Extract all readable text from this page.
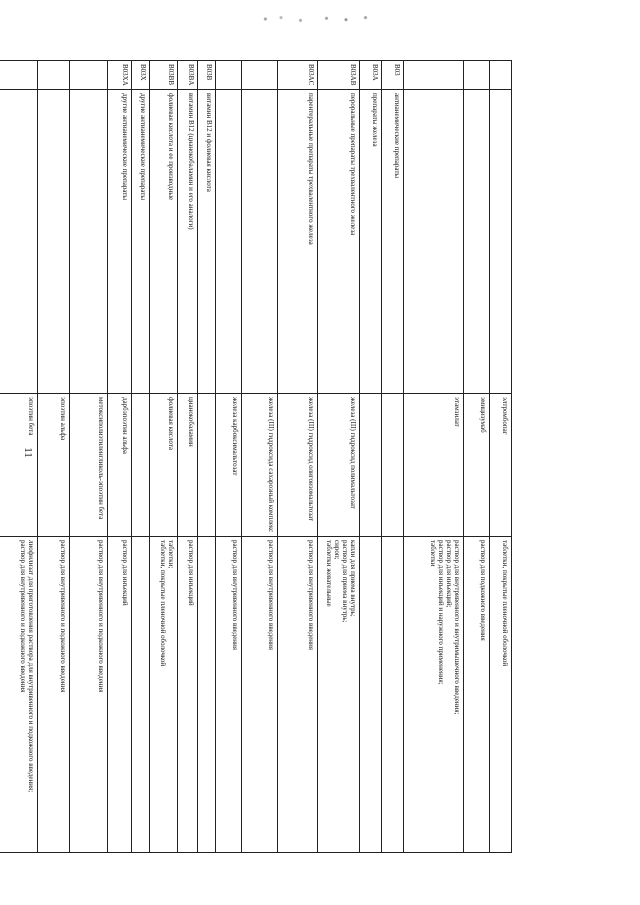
11
		элтромбопаг	таблетки, покрытые пленочной оболочкой

		эмицизумаб	раствор для подкожного введения

		этамзилат	раствор для внутривенного и внутримышечного введения;
раствор для инъекций;
раствор для инъекций и наружного применения;
таблетки

B03	антианемические препараты		
B03A	препараты железа		
B03AB	пероральные препараты трехвалентного железа	железа (III) гидроксид полимальтозат	капли для приема внутрь;
раствор для приема внутрь;
сироп;
таблетки жевательные

B03AC	парентеральные препараты трехвалентного железа	железа (III) гидроксид олигоизомальтозат	раствор для внутривенного введения

		железа (III) гидроксида сахарозный комплекс	раствор для внутривенного введения

		железа карбоксимальтозат	раствор для внутривенного введения

B03B	витамин B12 и фолиевая кислота		
B03BA	витамин B12 (цианокобаламин и его аналоги)	цианокобаламин	раствор для инъекций

B03BB	фолиевая кислота и ее производные	фолиевая кислота	таблетки;
таблетки, покрытые пленочной оболочкой

B03X	другие антианемические препараты		
B03XA	другие антианемические препараты	дарбэпоэтин альфа	раствор для инъекций

		метоксиполиэтиленгликоль-эпоэтин бета	раствор для внутривенного и подкожного введения

		эпоэтин альфа	раствор для внутривенного и подкожного введения

		эпоэтин бета	лиофилизат для приготовления раствора для внутривенного и подкожного введения;
раствор для внутривенного и подкожного введения
